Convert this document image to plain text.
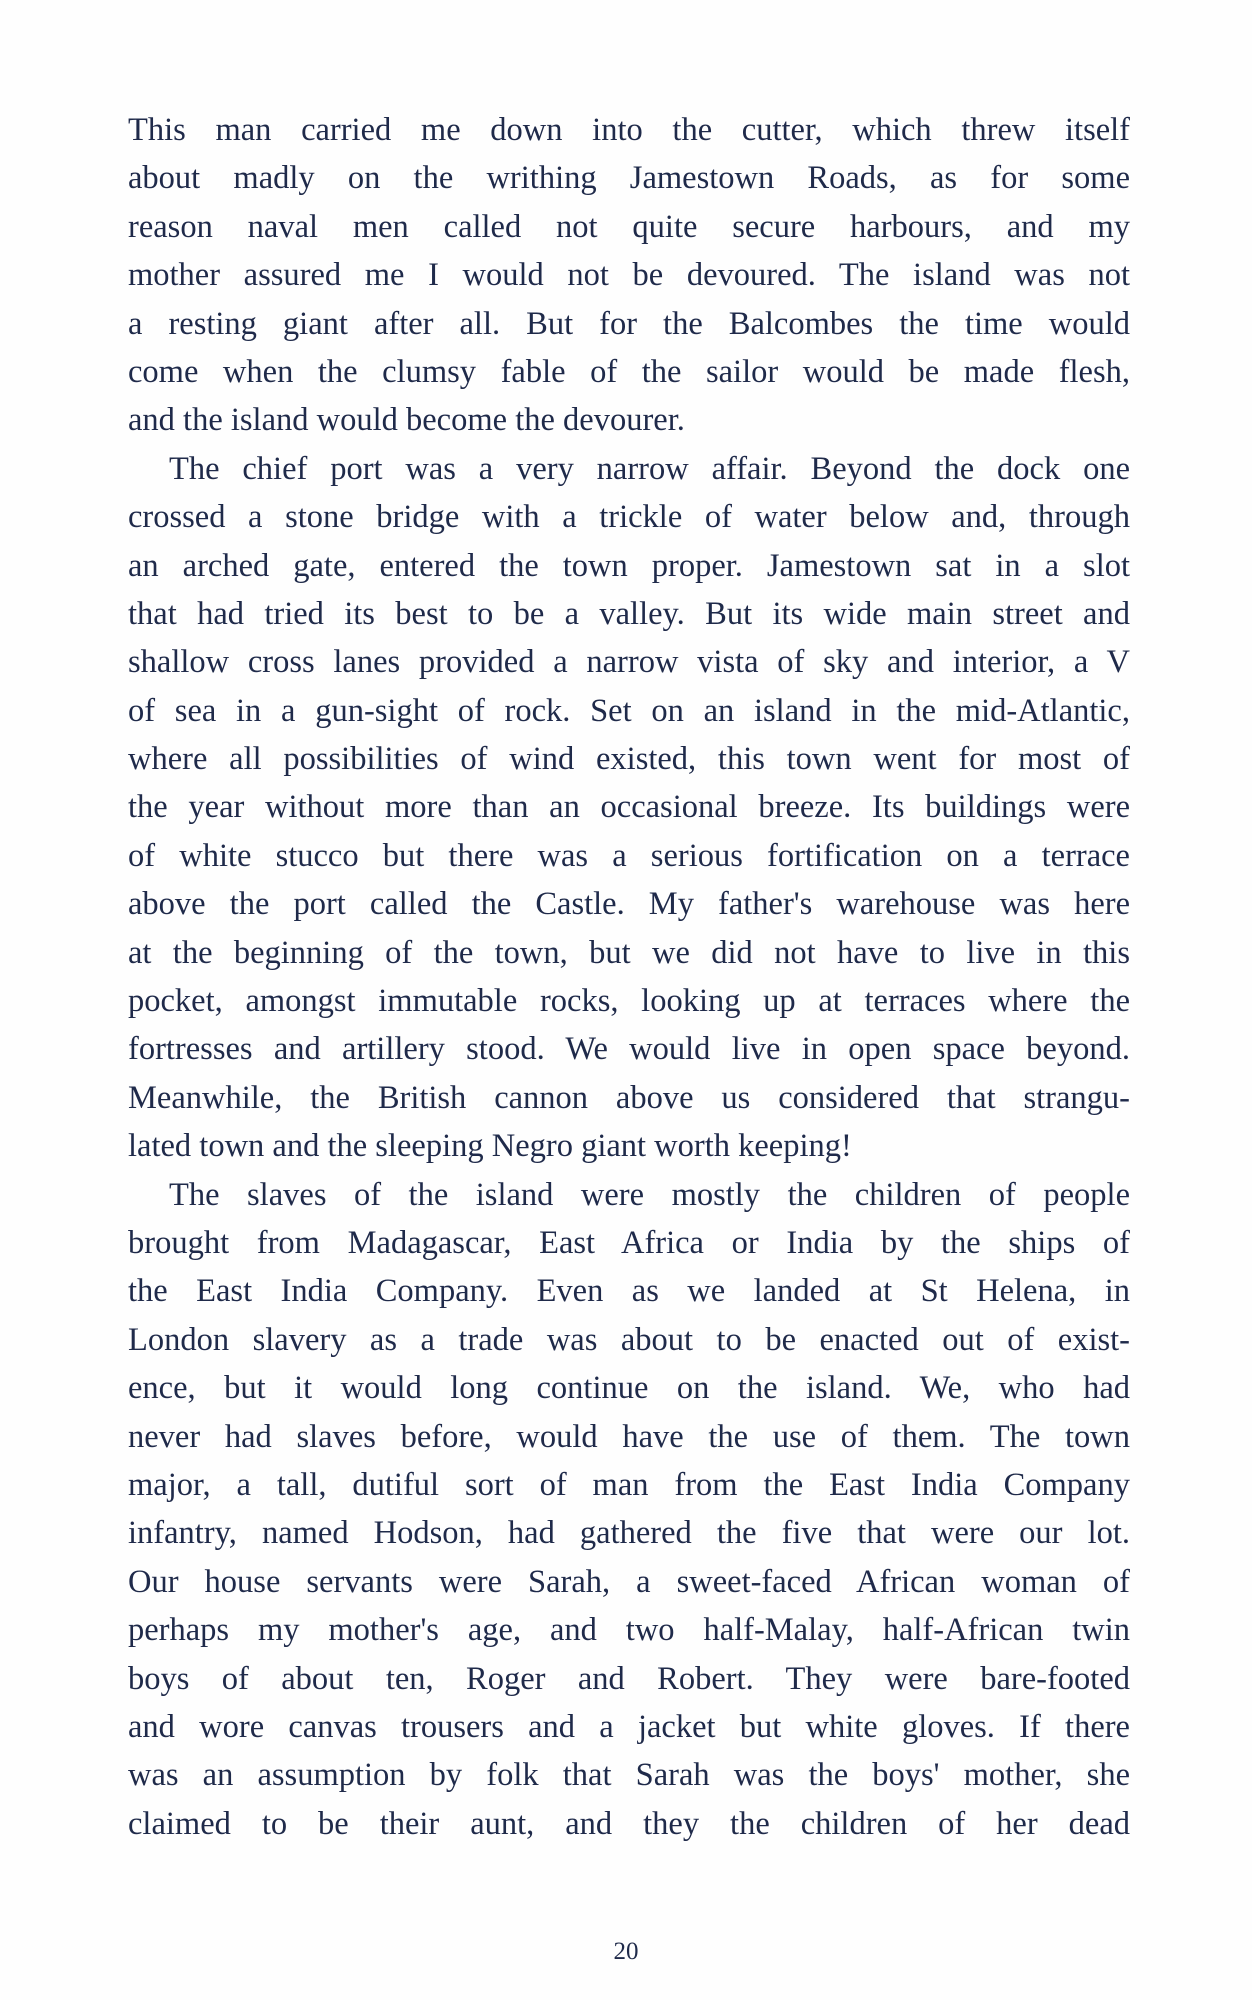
This man carried me down into the cutter, which threw itself
about madly on the writhing Jamestown Roads, as for some
reason naval men called not quite secure harbours, and my
mother assured me I would not be devoured. The island was not
a resting giant after all. But for the Balcombes the time would
come when the clumsy fable of the sailor would be made flesh,
and the island would become the devourer.
The chief port was a very narrow affair. Beyond the dock one
crossed a stone bridge with a trickle of water below and, through
an arched gate, entered the town proper. Jamestown sat in a slot
that had tried its best to be a valley. But its wide main street and
shallow cross lanes provided a narrow vista of sky and interior, a V
of sea in a gun-sight of rock. Set on an island in the mid-Atlantic,
where all possibilities of wind existed, this town went for most of
the year without more than an occasional breeze. Its buildings were
of white stucco but there was a serious fortification on a terrace
above the port called the Castle. My father's warehouse was here
at the beginning of the town, but we did not have to live in this
pocket, amongst immutable rocks, looking up at terraces where the
fortresses and artillery stood. We would live in open space beyond.
Meanwhile, the British cannon above us considered that strangu-
lated town and the sleeping Negro giant worth keeping!
The slaves of the island were mostly the children of people
brought from Madagascar, East Africa or India by the ships of
the East India Company. Even as we landed at St Helena, in
London slavery as a trade was about to be enacted out of exist-
ence, but it would long continue on the island. We, who had
never had slaves before, would have the use of them. The town
major, a tall, dutiful sort of man from the East India Company
infantry, named Hodson, had gathered the five that were our lot.
Our house servants were Sarah, a sweet-faced African woman of
perhaps my mother's age, and two half-Malay, half-African twin
boys of about ten, Roger and Robert. They were bare-footed
and wore canvas trousers and a jacket but white gloves. If there
was an assumption by folk that Sarah was the boys' mother, she
claimed to be their aunt, and they the children of her dead
20
